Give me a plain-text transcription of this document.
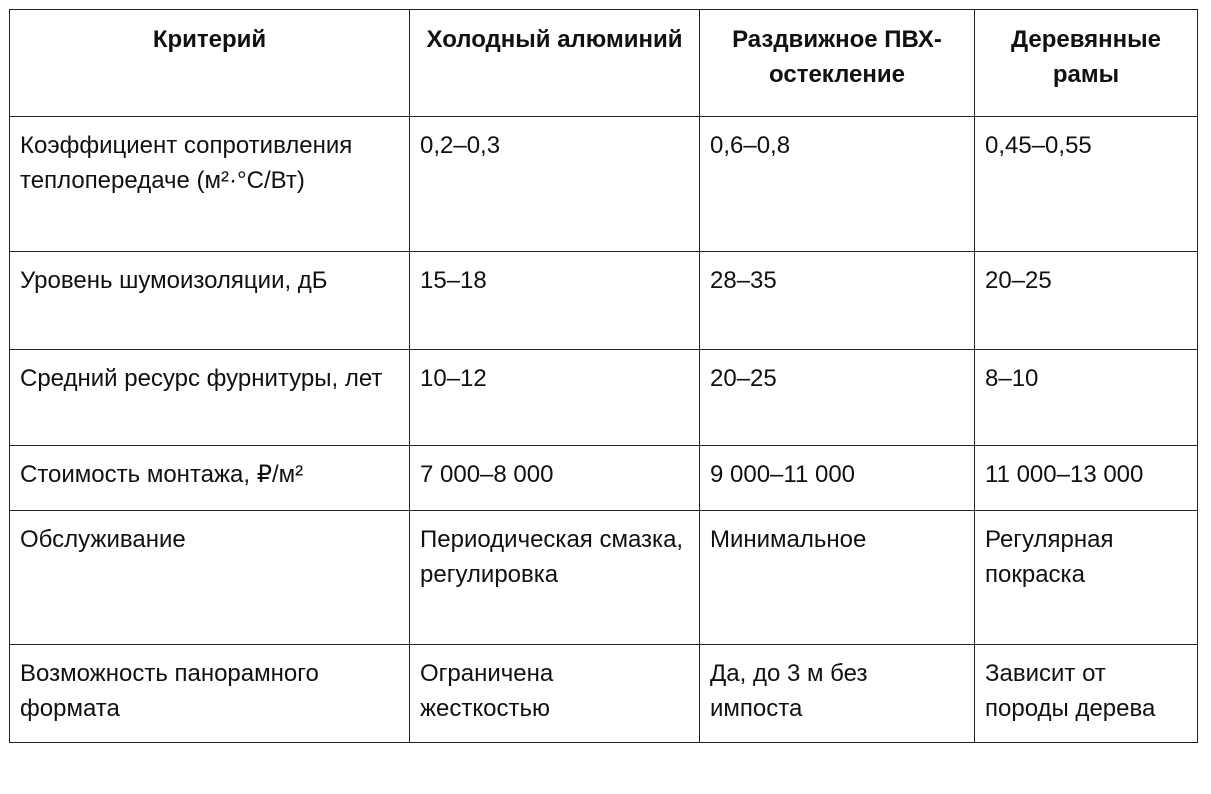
Критерий	Холодный алюминий	Раздвижное ПВХ-остекление	Деревянные рамы
Коэффициент сопротивления теплопередаче (м²·°С/Вт)	0,2–0,3	0,6–0,8	0,45–0,55
Уровень шумоизоляции, дБ	15–18	28–35	20–25
Средний ресурс фурнитуры, лет	10–12	20–25	8–10
Стоимость монтажа, ₽/м²	7 000–8 000	9 000–11 000	11 000–13 000
Обслуживание	Периодическая смазка, регулировка	Минимальное	Регулярная покраска
Возможность панорамного формата	Ограничена жесткостью	Да, до 3 м без импоста	Зависит от породы дерева
